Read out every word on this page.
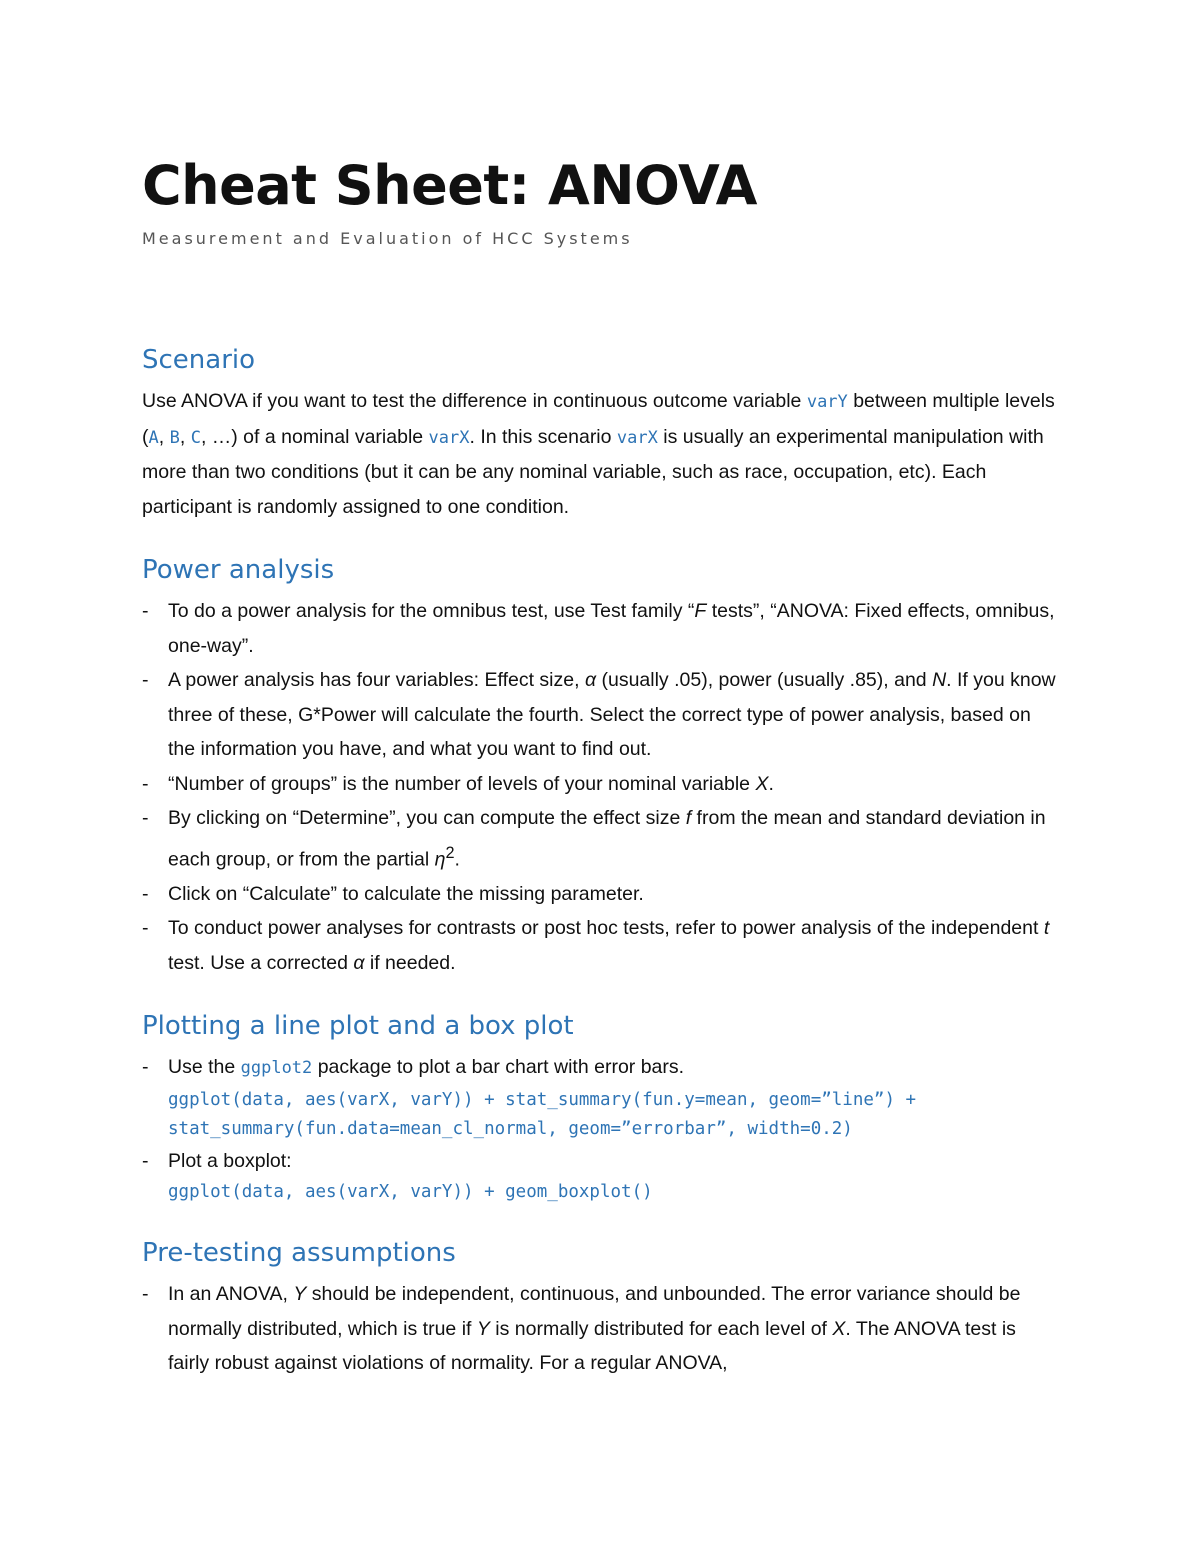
Cheat Sheet: ANOVA

Measurement and Evaluation of HCC Systems

Scenario

Use ANOVA if you want to test the difference in continuous outcome variable varY between multiple levels (A, B, C, …) of a nominal variable varX. In this scenario varX is usually an experimental manipulation with more than two conditions (but it can be any nominal variable, such as race, occupation, etc). Each participant is randomly assigned to one condition.

Power analysis
- To do a power analysis for the omnibus test, use Test family “F tests”, “ANOVA: Fixed effects, omnibus, one-way”.
- A power analysis has four variables: Effect size, α (usually .05), power (usually .85), and N. If you know three of these, G*Power will calculate the fourth. Select the correct type of power analysis, based on the information you have, and what you want to find out.
- “Number of groups” is the number of levels of your nominal variable X.
- By clicking on “Determine”, you can compute the effect size f from the mean and standard deviation in each group, or from the partial $\eta^2$.
- Click on “Calculate” to calculate the missing parameter.
- To conduct power analyses for contrasts or post hoc tests, refer to power analysis of the independent t test. Use a corrected α if needed.
Plotting a line plot and a box plot
- Use the ggplot2 package to plot a bar chart with error bars.
ggplot(data, aes(varX, varY)) + stat_summary(fun.y=mean, geom=”line”) +
stat_summary(fun.data=mean_cl_normal, geom=”errorbar”, width=0.2)
- Plot a boxplot:
ggplot(data, aes(varX, varY)) + geom_boxplot()
Pre-testing assumptions
- In an ANOVA, Y should be independent, continuous, and unbounded. The error variance should be normally distributed, which is true if Y is normally distributed for each level of X. The ANOVA test is fairly robust against violations of normality. For a regular ANOVA,
